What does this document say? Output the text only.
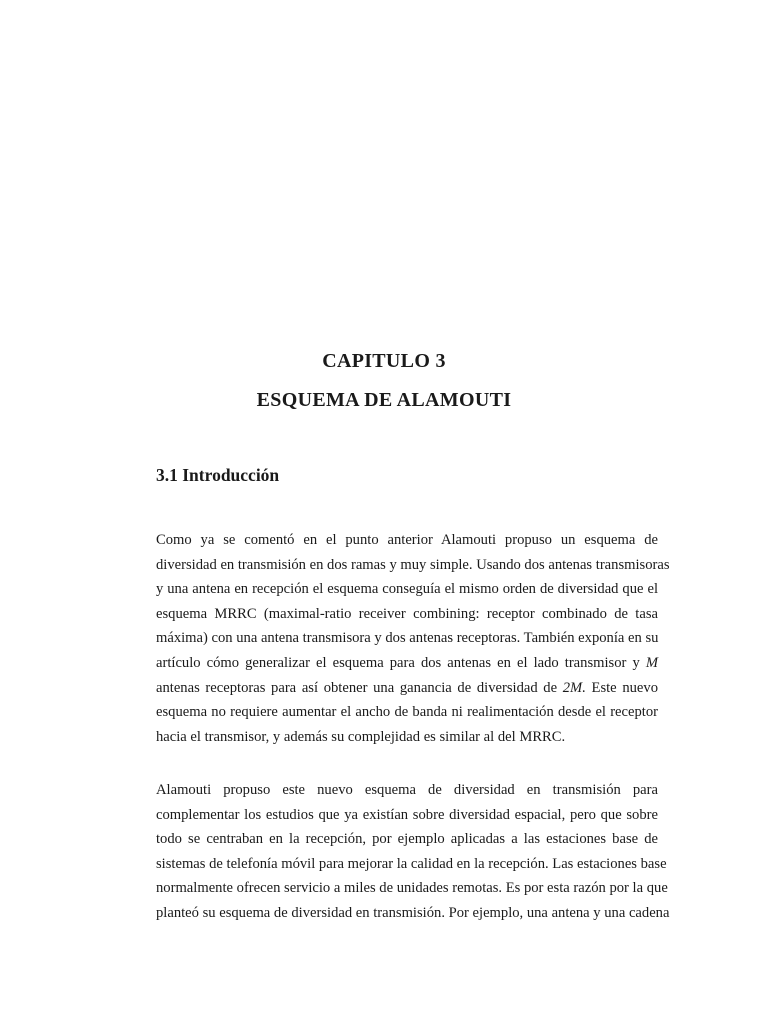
CAPITULO 3
ESQUEMA DE ALAMOUTI
3.1 Introducción
Como ya se comentó en el punto anterior Alamouti propuso un esquema de
diversidad en transmisión en dos ramas y muy simple. Usando dos antenas transmisoras
y una antena en recepción el esquema conseguía el mismo orden de diversidad que el
esquema MRRC (maximal-ratio receiver combining: receptor combinado de tasa
máxima) con una antena transmisora y dos antenas receptoras. También exponía en su
artículo cómo generalizar el esquema para dos antenas en el lado transmisor y M
antenas receptoras para así obtener una ganancia de diversidad de 2M. Este nuevo
esquema no requiere aumentar el ancho de banda ni realimentación desde el receptor
hacia el transmisor, y además su complejidad es similar al del MRRC.
Alamouti propuso este nuevo esquema de diversidad en transmisión para
complementar los estudios que ya existían sobre diversidad espacial, pero que sobre
todo se centraban en la recepción, por ejemplo aplicadas a las estaciones base de
sistemas de telefonía móvil para mejorar la calidad en la recepción. Las estaciones base
normalmente ofrecen servicio a miles de unidades remotas. Es por esta razón por la que
planteó su esquema de diversidad en transmisión. Por ejemplo, una antena y una cadena
